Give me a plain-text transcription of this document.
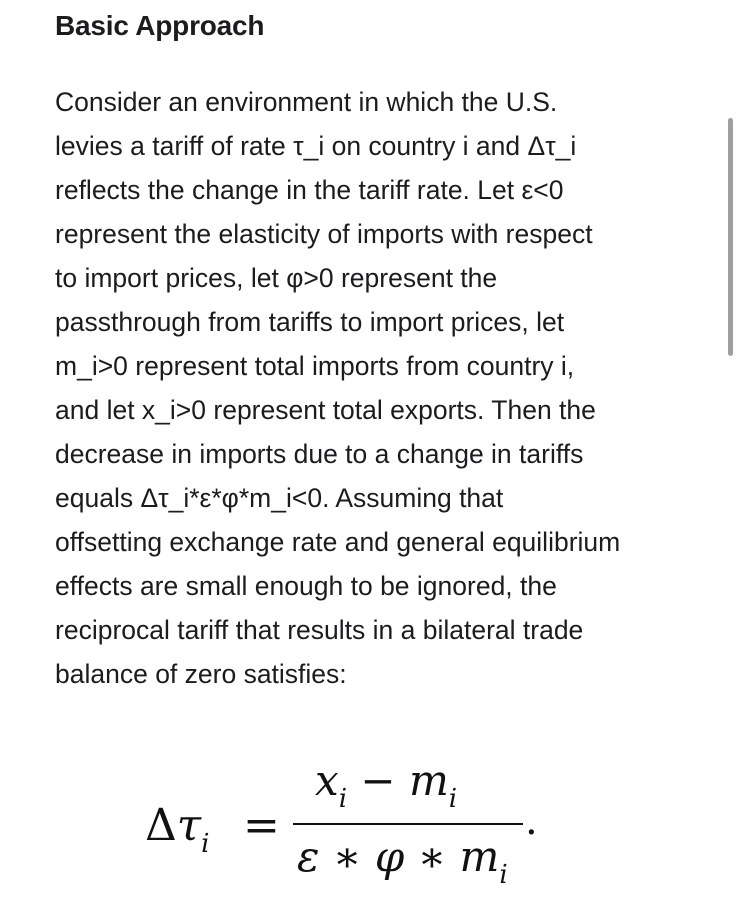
Basic Approach
Consider an environment in which the U.S.
levies a tariff of rate τ_i on country i and Δτ_i
reflects the change in the tariff rate. Let ε<0
represent the elasticity of imports with respect
to import prices, let φ>0 represent the
passthrough from tariffs to import prices, let
m_i>0 represent total imports from country i,
and let x_i>0 represent total exports. Then the
decrease in imports due to a change in tariffs
equals Δτ_i*ε*φ*m_i<0. Assuming that
offsetting exchange rate and general equilibrium
effects are small enough to be ignored, the
reciprocal tariff that results in a bilateral trade
balance of zero satisfies:
$\Delta\tau_i$ =
$x_i - m_i$ .
ε ∗ φ ∗ $m_i$
